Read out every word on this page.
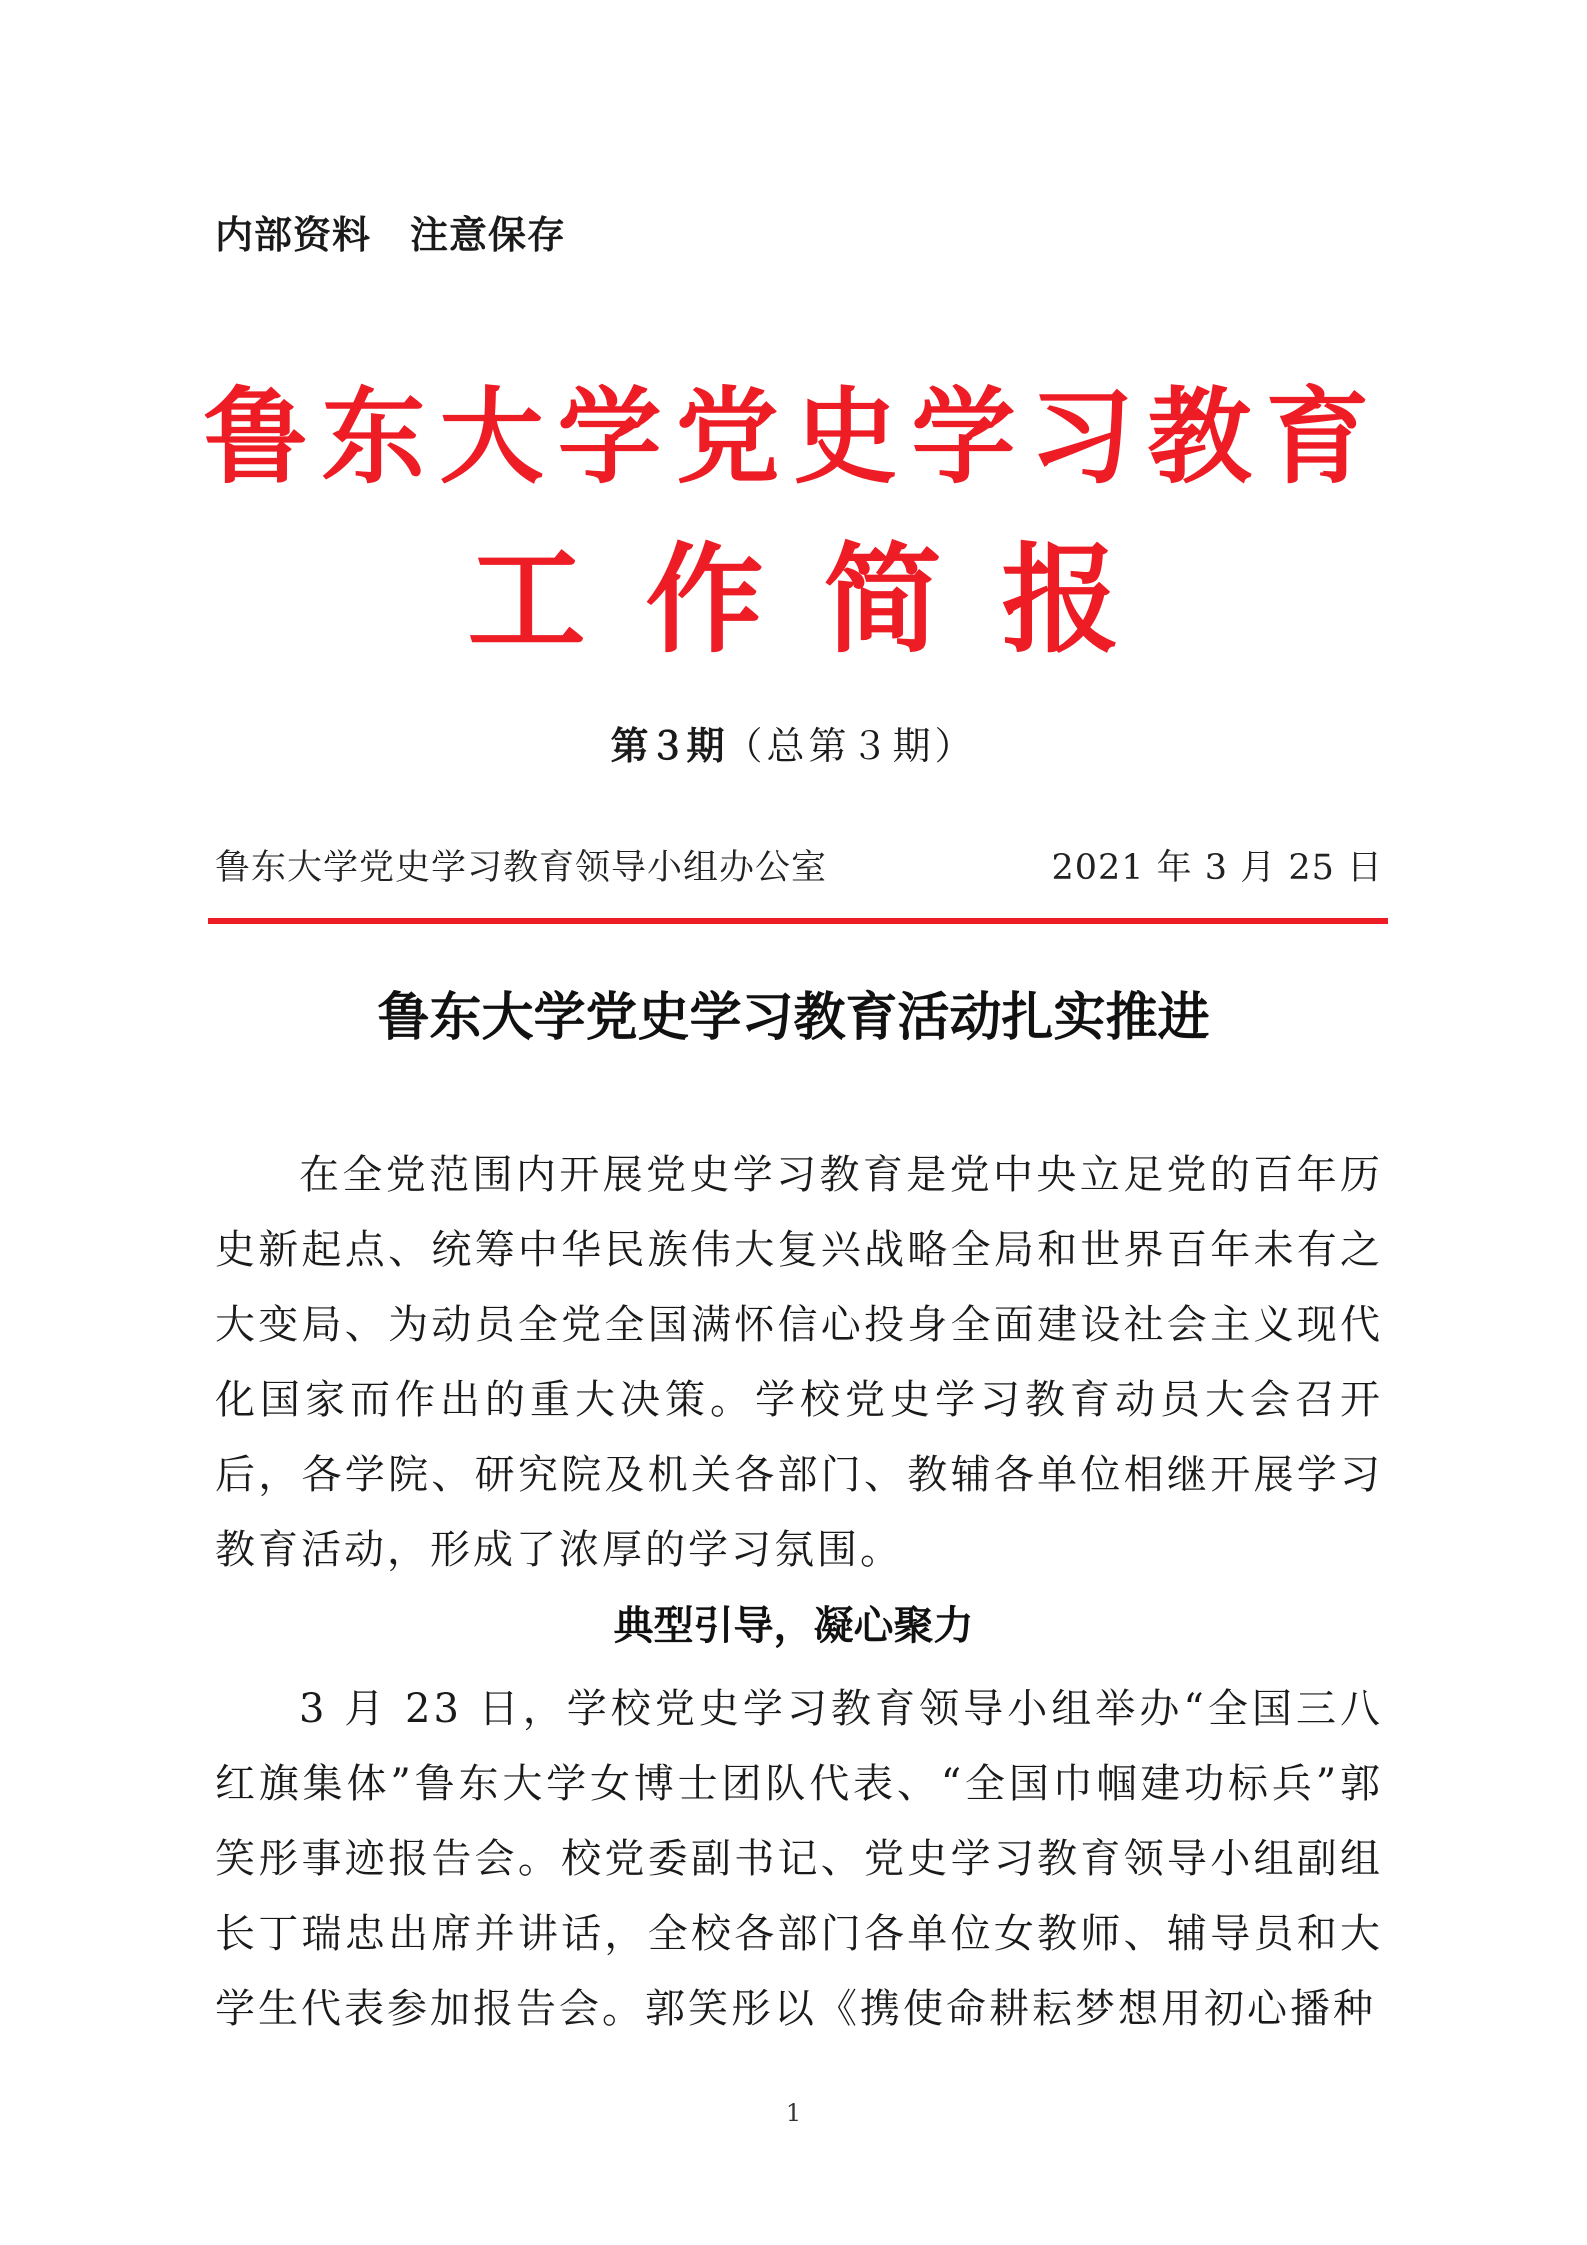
内部资料　注意保存
鲁东大学党史学习教育
工作简报
第３期（总第３期）
鲁东大学党史学习教育领导小组办公室	2021 年 3 月 25 日
鲁东大学党史学习教育活动扎实推进
在全党范围内开展党史学习教育是党中央立足党的百年历史新起点、统筹中华民族伟大复兴战略全局和世界百年未有之大变局、为动员全党全国满怀信心投身全面建设社会主义现代化国家而作出的重大决策。学校党史学习教育动员大会召开后，各学院、研究院及机关各部门、教辅各单位相继开展学习教育活动，形成了浓厚的学习氛围。
典型引导，凝心聚力
3 月 23 日，学校党史学习教育领导小组举办“全国三八红旗集体”鲁东大学女博士团队代表、“全国巾帼建功标兵”郭笑彤事迹报告会。校党委副书记、党史学习教育领导小组副组长丁瑞忠出席并讲话，全校各部门各单位女教师、辅导员和大学生代表参加报告会。郭笑彤以《携使命耕耘梦想用初心播种
1
